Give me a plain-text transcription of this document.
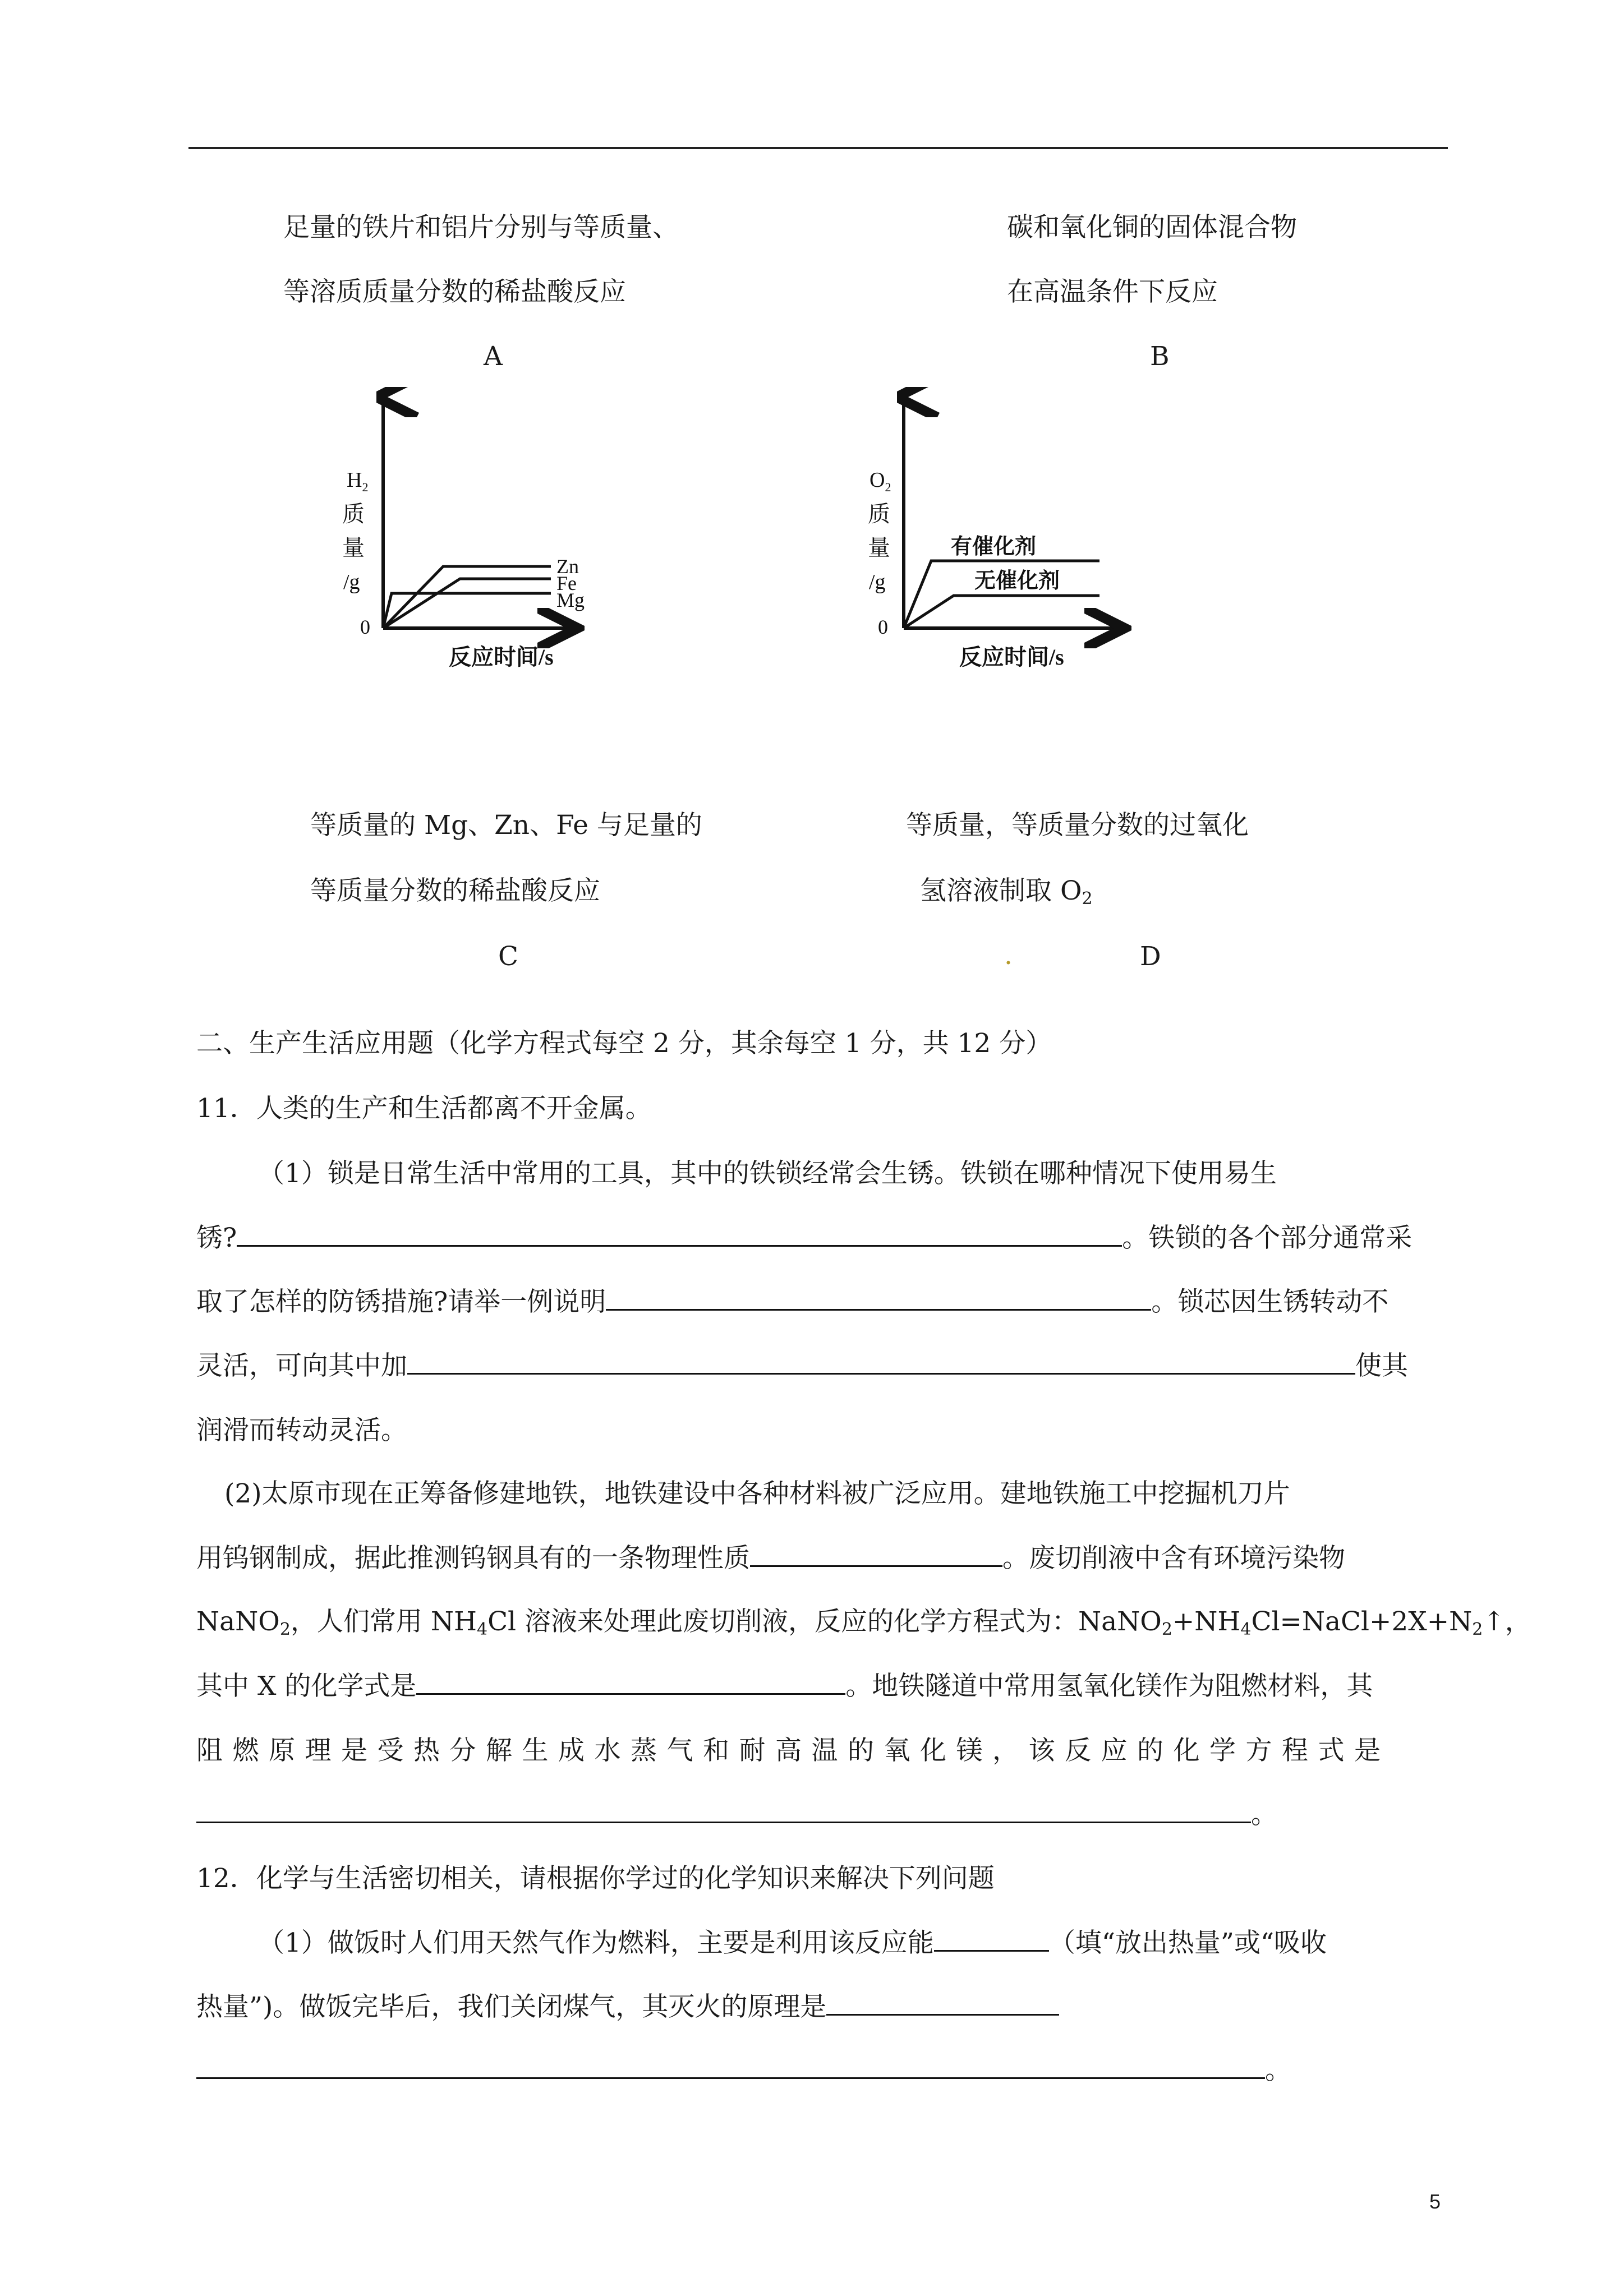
足量的铁片和铝片分别与等质量、
等溶质质量分数的稀盐酸反应
A
碳和氧化铜的固体混合物
在高温条件下反应
B
$H_2$
质
量
/g
0
反应时间/s
Zn
Fe
Mg
$O_2$
质
量
/g
0
反应时间/s
有催化剂
无催化剂
等质量的 Mg、Zn、Fe 与足量的
等质量分数的稀盐酸反应
C
等质量，等质量分数的过氧化
氢溶液制取 $O_2$
.	D
二、生产生活应用题（化学方程式每空 2 分，其余每空 1 分，共 12 分）
11．人类的生产和生活都离不开金属。
（1）锁是日常生活中常用的工具，其中的铁锁经常会生锈。铁锁在哪种情况下使用易生
锈?	。铁锁的各个部分通常采
取了怎样的防锈措施?请举一例说明	。锁芯因生锈转动不
灵活，可向其中加	使其
润滑而转动灵活。
(2)太原市现在正筹备修建地铁，地铁建设中各种材料被广泛应用。建地铁施工中挖掘机刀片
用钨钢制成，据此推测钨钢具有的一条物理性质	。废切削液中含有环境污染物
NaNO$_2$，人们常用 $NH_4Cl$ 溶液来处理此废切削液，反应的化学方程式为：$NaNO_2+NH_4Cl=NaCl+2X+N_2↑$，
其中 X 的化学式是	。地铁隧道中常用氢氧化镁作为阻燃材料，其
阻燃原理是受热分解生成水蒸气和耐高温的氧化镁，该反应的化学方程式是
。
12．化学与生活密切相关，请根据你学过的化学知识来解决下列问题
（1）做饭时人们用天然气作为燃料，主要是利用该反应能	（填“放出热量”或“吸收
热量”)。做饭完毕后，我们关闭煤气，其灭火的原理是
。
5
